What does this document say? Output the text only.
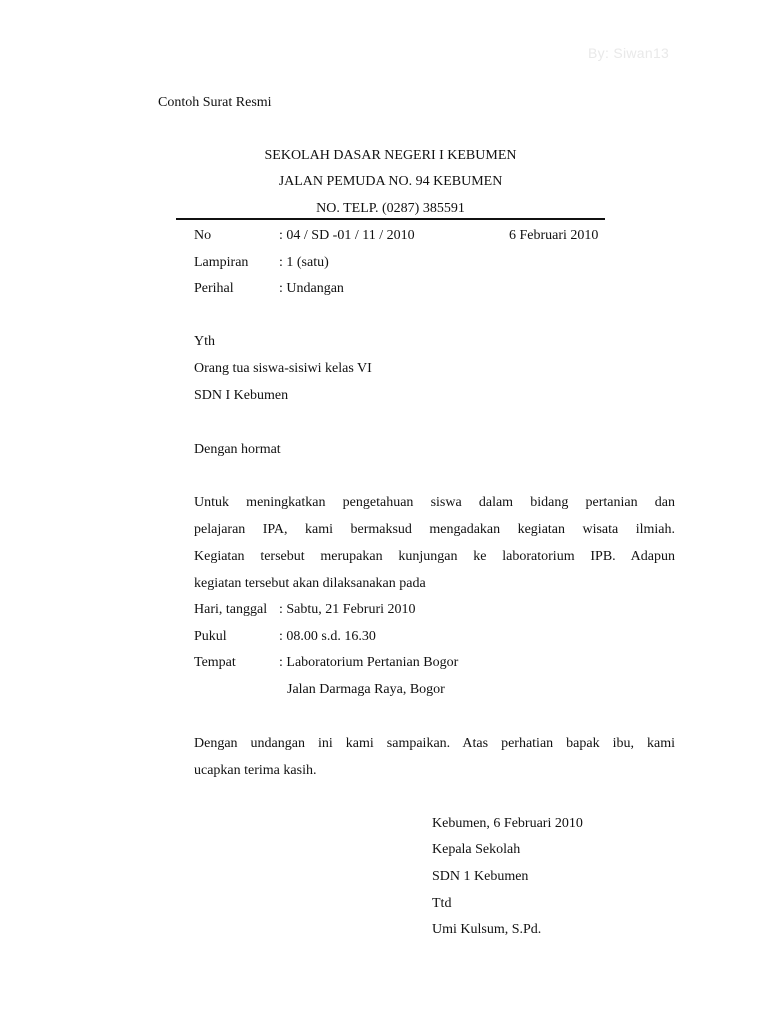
By: Siwan13
Contoh Surat Resmi
SEKOLAH DASAR NEGERI I KEBUMEN
JALAN PEMUDA NO. 94 KEBUMEN
NO. TELP. (0287) 385591
No	: 04 / SD -01 / 11 / 2010	6 Februari 2010
Lampiran : 1 (satu)
Perihal	: Undangan
Yth
Orang tua siswa-sisiwi kelas VI
SDN I Kebumen
Dengan hormat
Untuk meningkatkan pengetahuan siswa dalam bidang pertanian dan
pelajaran IPA, kami bermaksud mengadakan kegiatan wisata ilmiah.
Kegiatan tersebut merupakan kunjungan ke laboratorium IPB. Adapun
kegiatan tersebut akan dilaksanakan pada
Hari, tanggal : Sabtu, 21 Februri 2010
Pukul	: 08.00 s.d. 16.30
Tempat	: Laboratorium Pertanian Bogor
Jalan Darmaga Raya, Bogor
Dengan undangan ini kami sampaikan. Atas perhatian bapak ibu, kami
ucapkan terima kasih.
Kebumen, 6 Februari 2010
Kepala Sekolah
SDN 1 Kebumen
Ttd
Umi Kulsum, S.Pd.
